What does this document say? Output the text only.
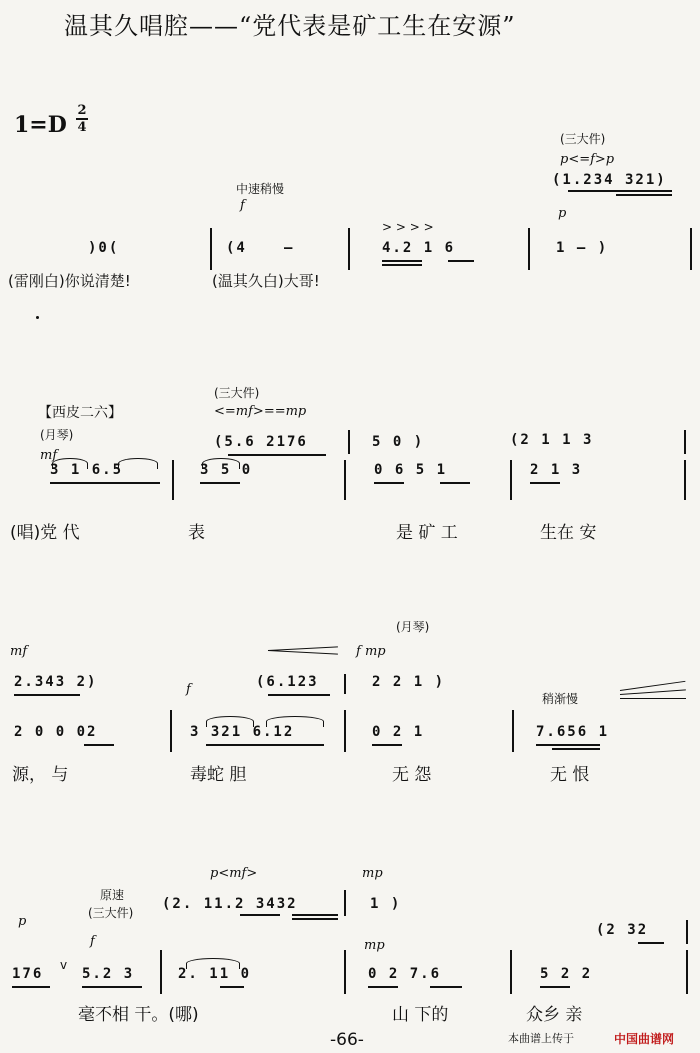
温其久唱腔——“党代表是矿工生在安源”
1=D
2
4
(三大件)
p<=f>p
(1.234 321)
中速稍慢
f
p
)0(	(4	–
> > > >
4.2 1 6	1 – )
(雷刚白)你说清楚!	(温其久白)大哥!
(三大件)
【西皮二六】	<=mf>==mp
(月琴)
mf
(5.6 2176	5 0 )	(2 1 1 3
3 1 6.5	3 5 0	0 6 5 1	2 1 3
(唱)党 代	表	是 矿 工	生在 安
(月琴)
mf	f mp
f
2.343 2)	(6.123	2 2 1 )
稍渐慢
2 0 0 02	3 321 6.12	0 2 1	7.656 1
源， 与	毒蛇 胆	无 怨	无 恨
p<mf>	mp
原速
(三大件)
(2. 11.2 3432	1 )
(2 32
p
f	mp
v
176	5.2 3	2. 11 0	0 2 7.6	5 2 2
毫不相 干。(哪)	山 下的	众乡 亲
-66-	本曲谱上传于	中国曲谱网
